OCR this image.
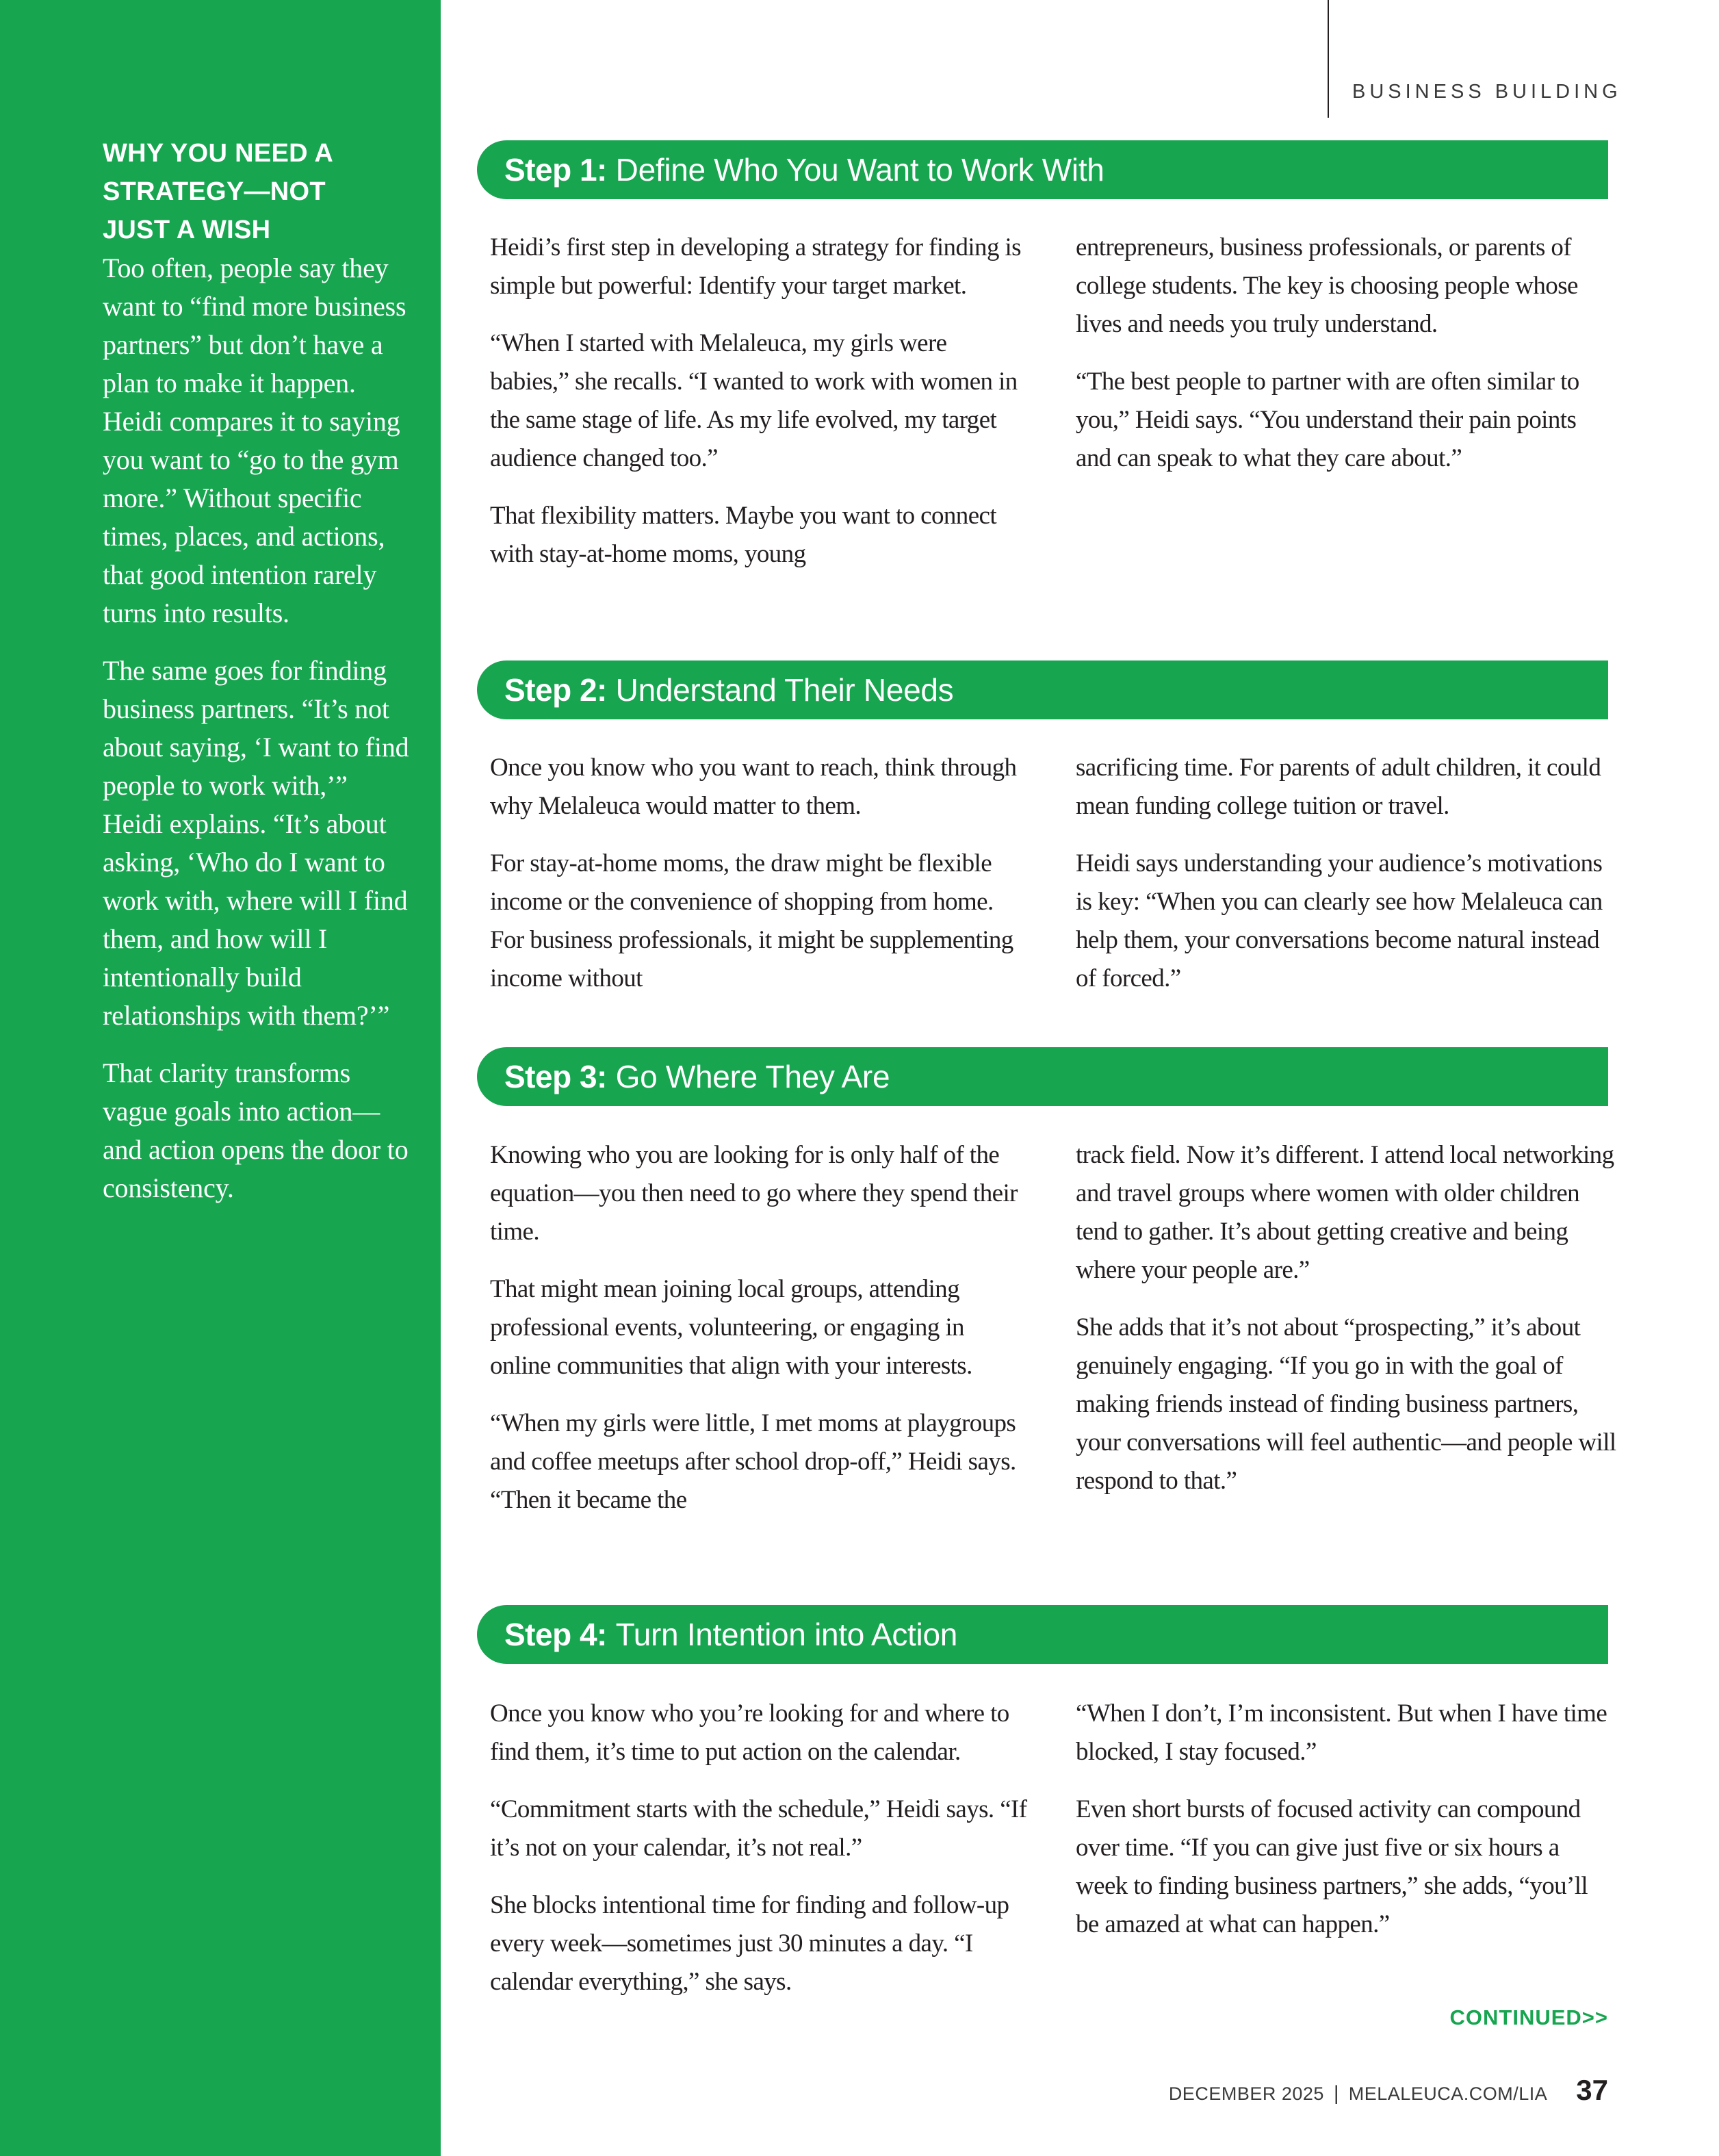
WHY YOU NEED A
STRATEGY—NOT
JUST A WISH

Too often, people say they want to “find more business partners” but don’t have a plan to make it happen. Heidi compares it to saying you want to “go to the gym more.” Without specific times, places, and actions, that good intention rarely turns into results.

The same goes for finding business partners. “It’s not about saying, ‘I want to find people to work with,’” Heidi explains. “It’s about asking, ‘Who do I want to work with, where will I find them, and how will I intentionally build relationships with them?’”

That clarity transforms vague goals into action—and action opens the door to consistency.

BUSINESS BUILDING
Step 1: Define Who You Want to Work With

Heidi’s first step in developing a strategy for finding is simple but powerful: Identify your target market.

“When I started with Melaleuca, my girls were babies,” she recalls. “I wanted to work with women in the same stage of life. As my life evolved, my target audience changed too.”

That flexibility matters. Maybe you want to connect with stay-at-home moms, young

entrepreneurs, business professionals, or parents of college students. The key is choosing people whose lives and needs you truly understand.

“The best people to partner with are often similar to you,” Heidi says. “You understand their pain points and can speak to what they care about.”

Step 2: Understand Their Needs

Once you know who you want to reach, think through why Melaleuca would matter to them.

For stay-at-home moms, the draw might be flexible income or the convenience of shopping from home. For business professionals, it might be supplementing income without

sacrificing time. For parents of adult children, it could mean funding college tuition or travel.

Heidi says understanding your audience’s motivations is key: “When you can clearly see how Melaleuca can help them, your conversations become natural instead of forced.”

Step 3: Go Where They Are

Knowing who you are looking for is only half of the equation—you then need to go where they spend their time.

That might mean joining local groups, attending professional events, volunteering, or engaging in online communities that align with your interests.

“When my girls were little, I met moms at playgroups and coffee meetups after school drop-off,” Heidi says. “Then it became the

track field. Now it’s different. I attend local networking and travel groups where women with older children tend to gather. It’s about getting creative and being where your people are.”

She adds that it’s not about “prospecting,” it’s about genuinely engaging. “If you go in with the goal of making friends instead of finding business partners, your conversations will feel authentic—and people will respond to that.”

Step 4: Turn Intention into Action

Once you know who you’re looking for and where to find them, it’s time to put action on the calendar.

“Commitment starts with the schedule,” Heidi says. “If it’s not on your calendar, it’s not real.”

She blocks intentional time for finding and follow-up every week—sometimes just 30 minutes a day. “I calendar everything,” she says.

“When I don’t, I’m inconsistent. But when I have time blocked, I stay focused.”

Even short bursts of focused activity can compound over time. “If you can give just five or six hours a week to finding business partners,” she adds, “you’ll be amazed at what can happen.”

CONTINUED>>
DECEMBER 2025 | MELALEUCA.COM/LIA 37
